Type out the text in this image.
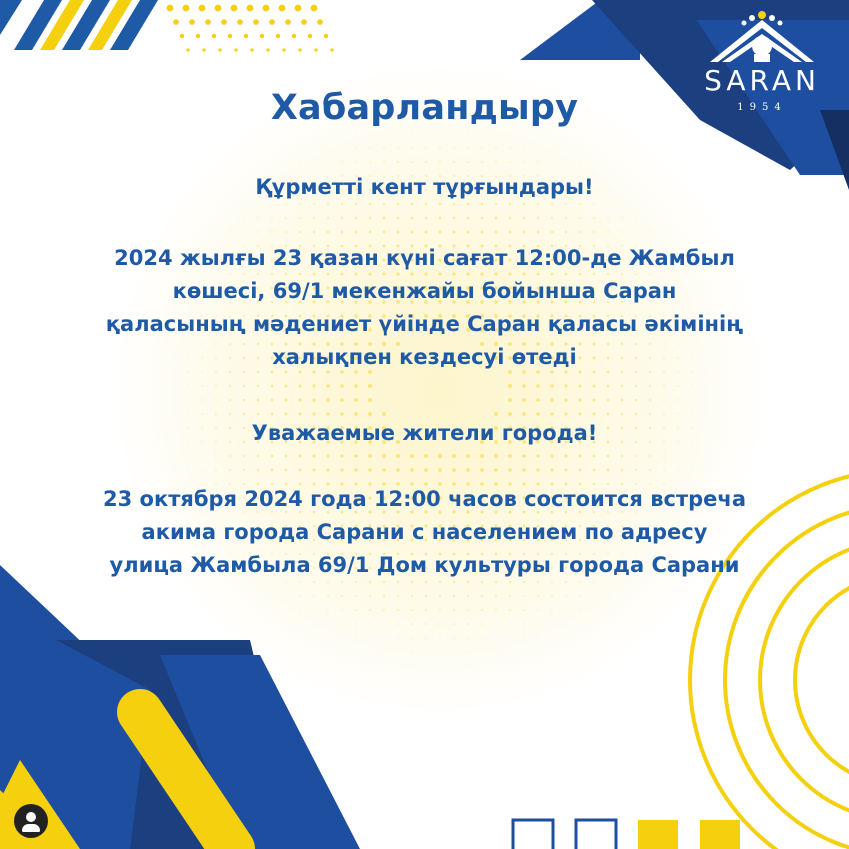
SARAN
1954
Хабарландыру
Құрметті кент тұрғындары!
2024 жылғы 23 қазан күні сағат 12:00-де Жамбыл
көшесі, 69/1 мекенжайы бойынша Саран
қаласының мәдениет үйінде Саран қаласы әкімінің
халықпен кездесуі өтеді
Уважаемые жители города!
23 октября 2024 года 12:00 часов состоится встреча
акима города Сарани с населением по адресу
улица Жамбыла 69/1 Дом культуры города Сарани
